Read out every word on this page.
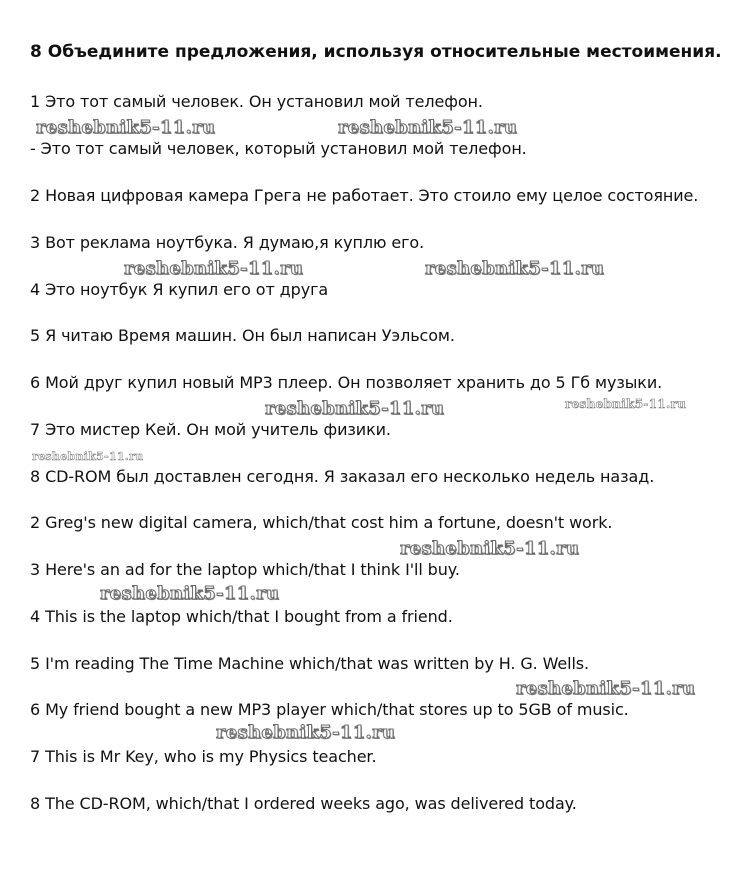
8 Объедините предложения, используя относительные местоимения.
1 Это тот самый человек. Он установил мой телефон.
- Это тот самый человек, который установил мой телефон.
2 Новая цифровая камера Грега не работает. Это стоило ему целое состояние.
3 Вот реклама ноутбука. Я думаю,я куплю его.
4 Это ноутбук Я купил его от друга
5 Я читаю Время машин. Он был написан Уэльсом.
6 Мой друг купил новый MP3 плеер. Он позволяет хранить до 5 Гб музыки.
7 Это мистер Кей. Он мой учитель физики.
8 CD-ROM был доставлен сегодня. Я заказал его несколько недель назад.
2 Greg's new digital camera, which/that cost him a fortune, doesn't work.
3 Here's an ad for the laptop which/that I think I'll buy.
4 This is the laptop which/that I bought from a friend.
5 I'm reading The Time Machine which/that was written by H. G. Wells.
6 My friend bought a new MP3 player which/that stores up to 5GB of music.
7 This is Mr Key, who is my Physics teacher.
8 The CD-ROM, which/that I ordered weeks ago, was delivered today.
reshebnik5-11.ru	reshebnik5-11.ru
reshebnik5-11.ru	reshebnik5-11.ru
reshebnik5-11.ru	reshebnik5-11.ru
reshebnik5-11.ru
reshebnik5-11.ru
reshebnik5-11.ru
reshebnik5-11.ru
reshebnik5-11.ru
